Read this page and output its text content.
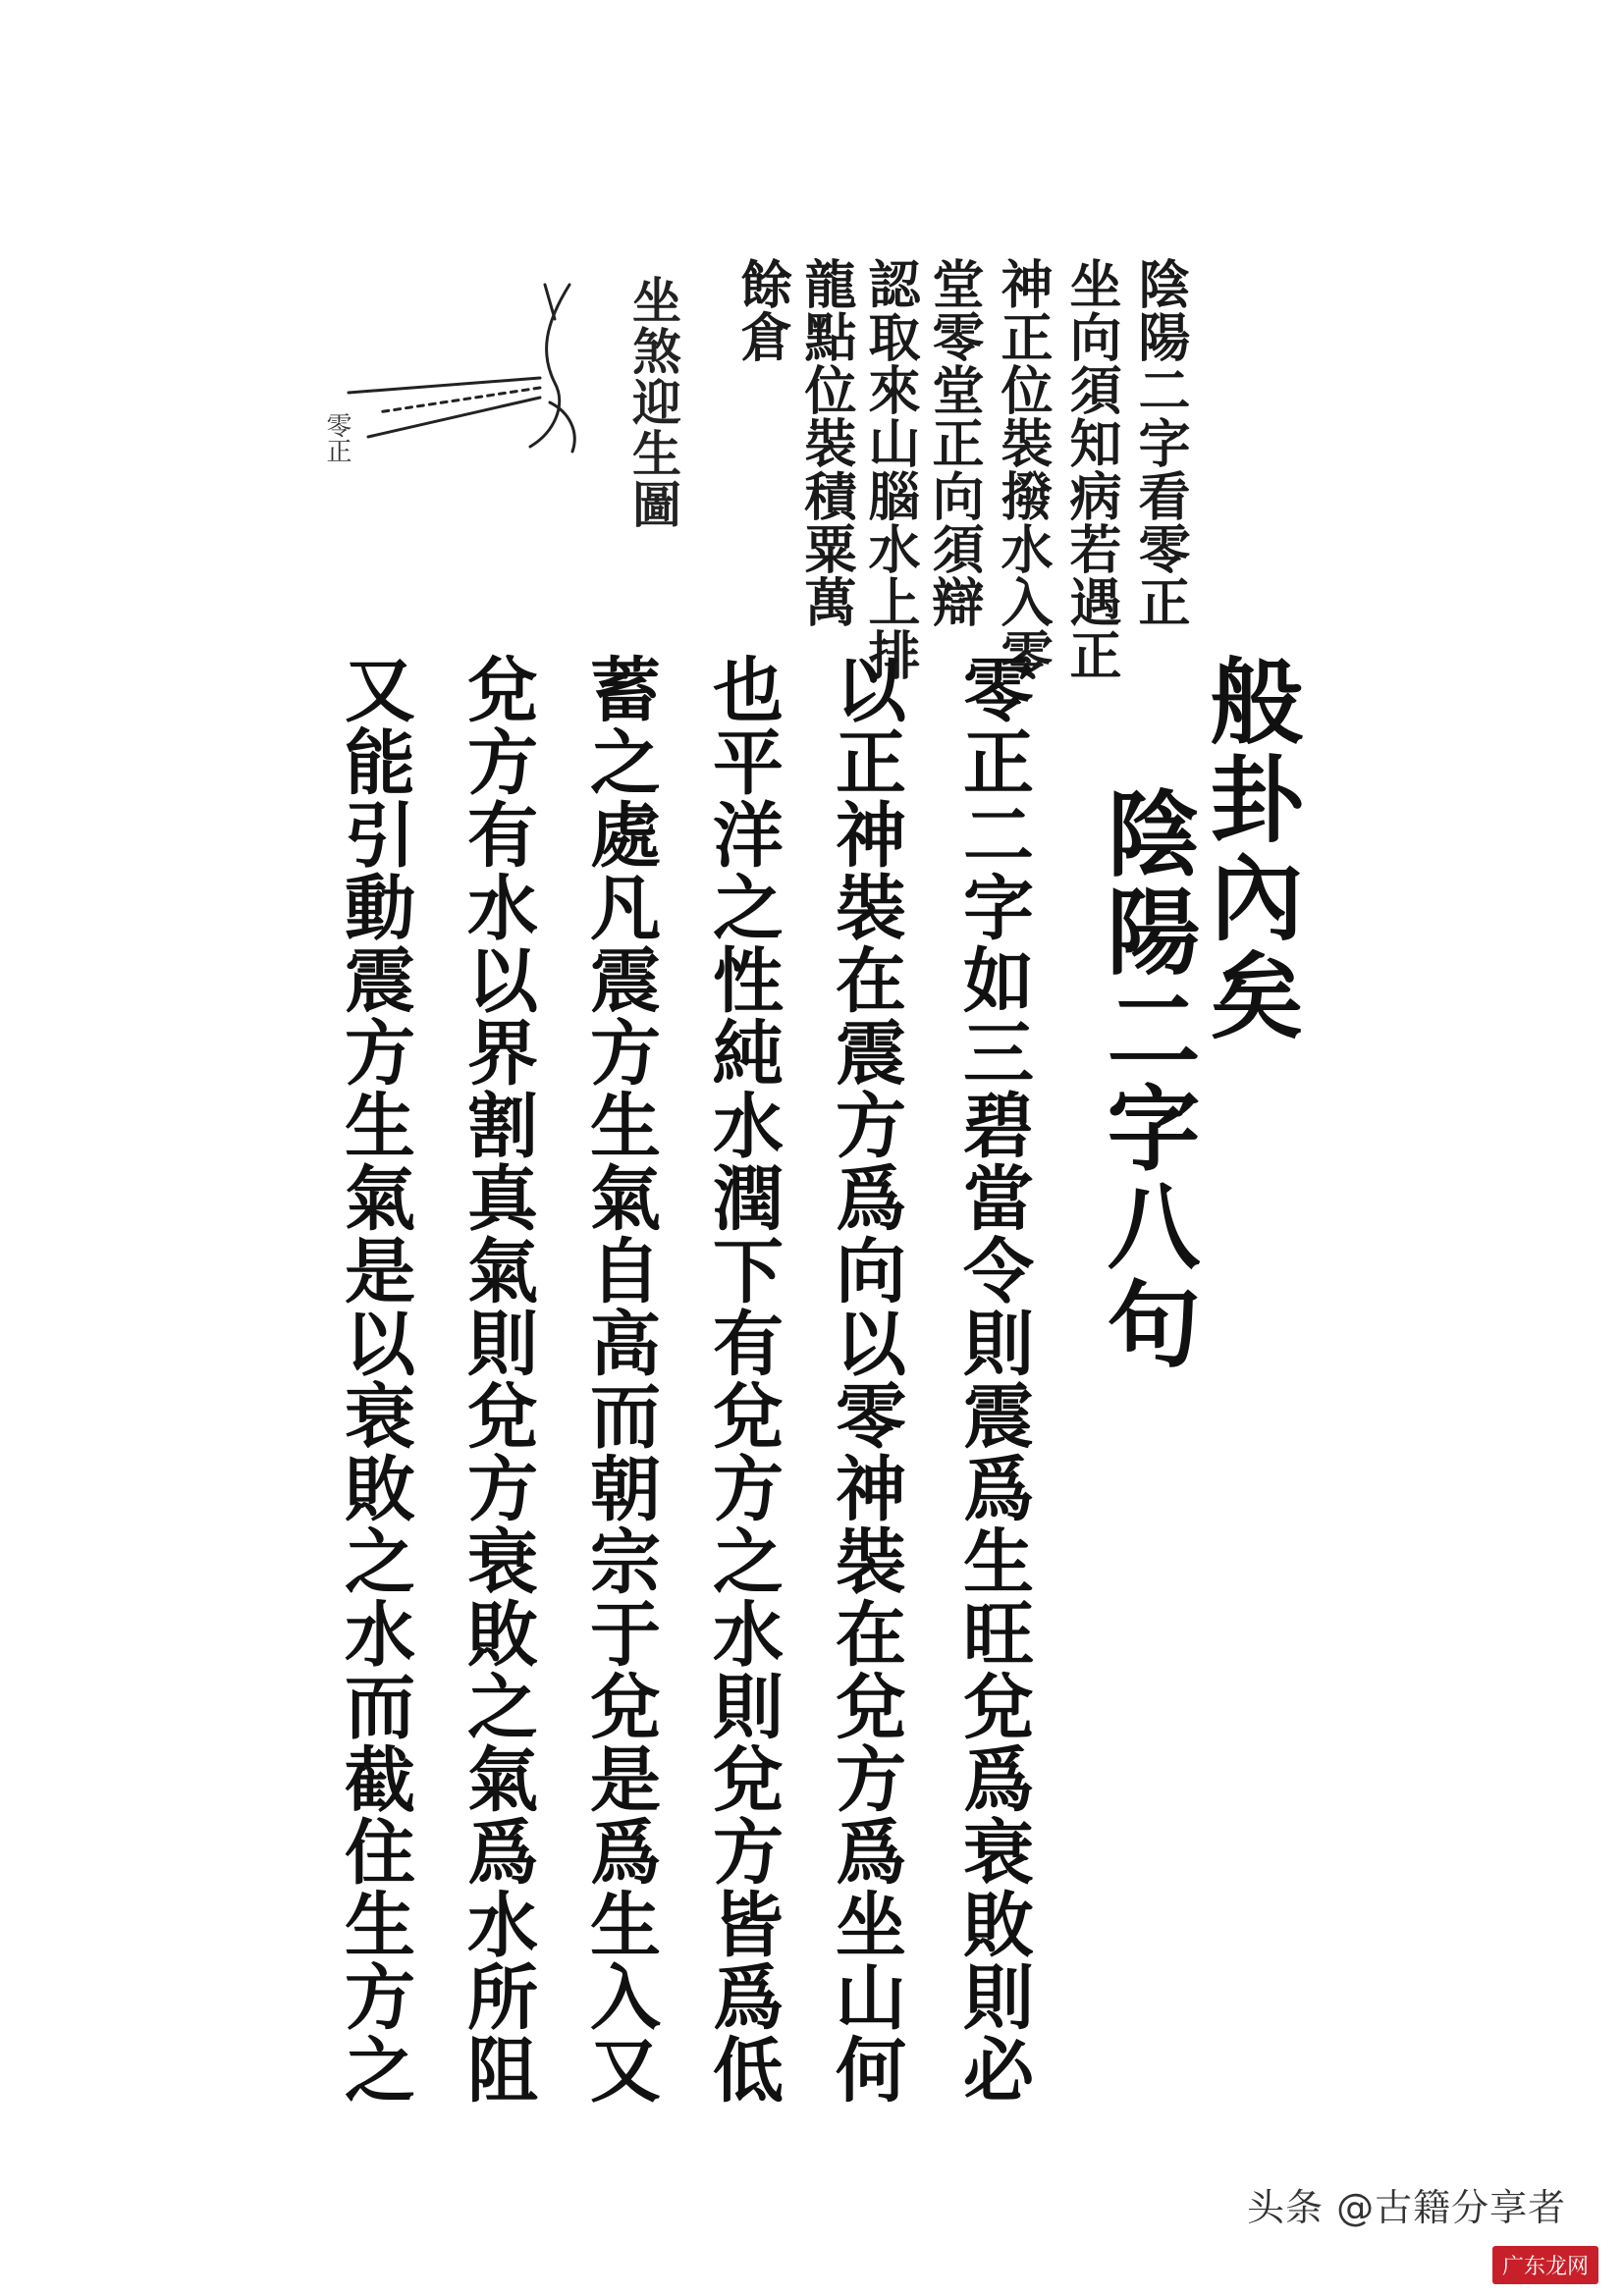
陰陽二字看零正
坐向須知病若遇正
神正位裝撥水入零
堂零堂正向須辯
認取來山腦水上排
龍點位裝積粟萬
餘倉
坐煞迎生圖
零正
般卦內矣
陰陽二字八句
零正二字如三碧當令則震爲生旺兌爲衰敗則必
以正神裝在震方爲向以零神裝在兌方爲坐山何
也平洋之性純水潤下有兌方之水則兌方皆爲低
蓄之處凡震方生氣自高而朝宗于兌是爲生入又
兌方有水以界割真氣則兌方衰敗之氣爲水所阻
又能引動震方生氣是以衰敗之水而截住生方之
头条 @古籍分享者
广东龙网
